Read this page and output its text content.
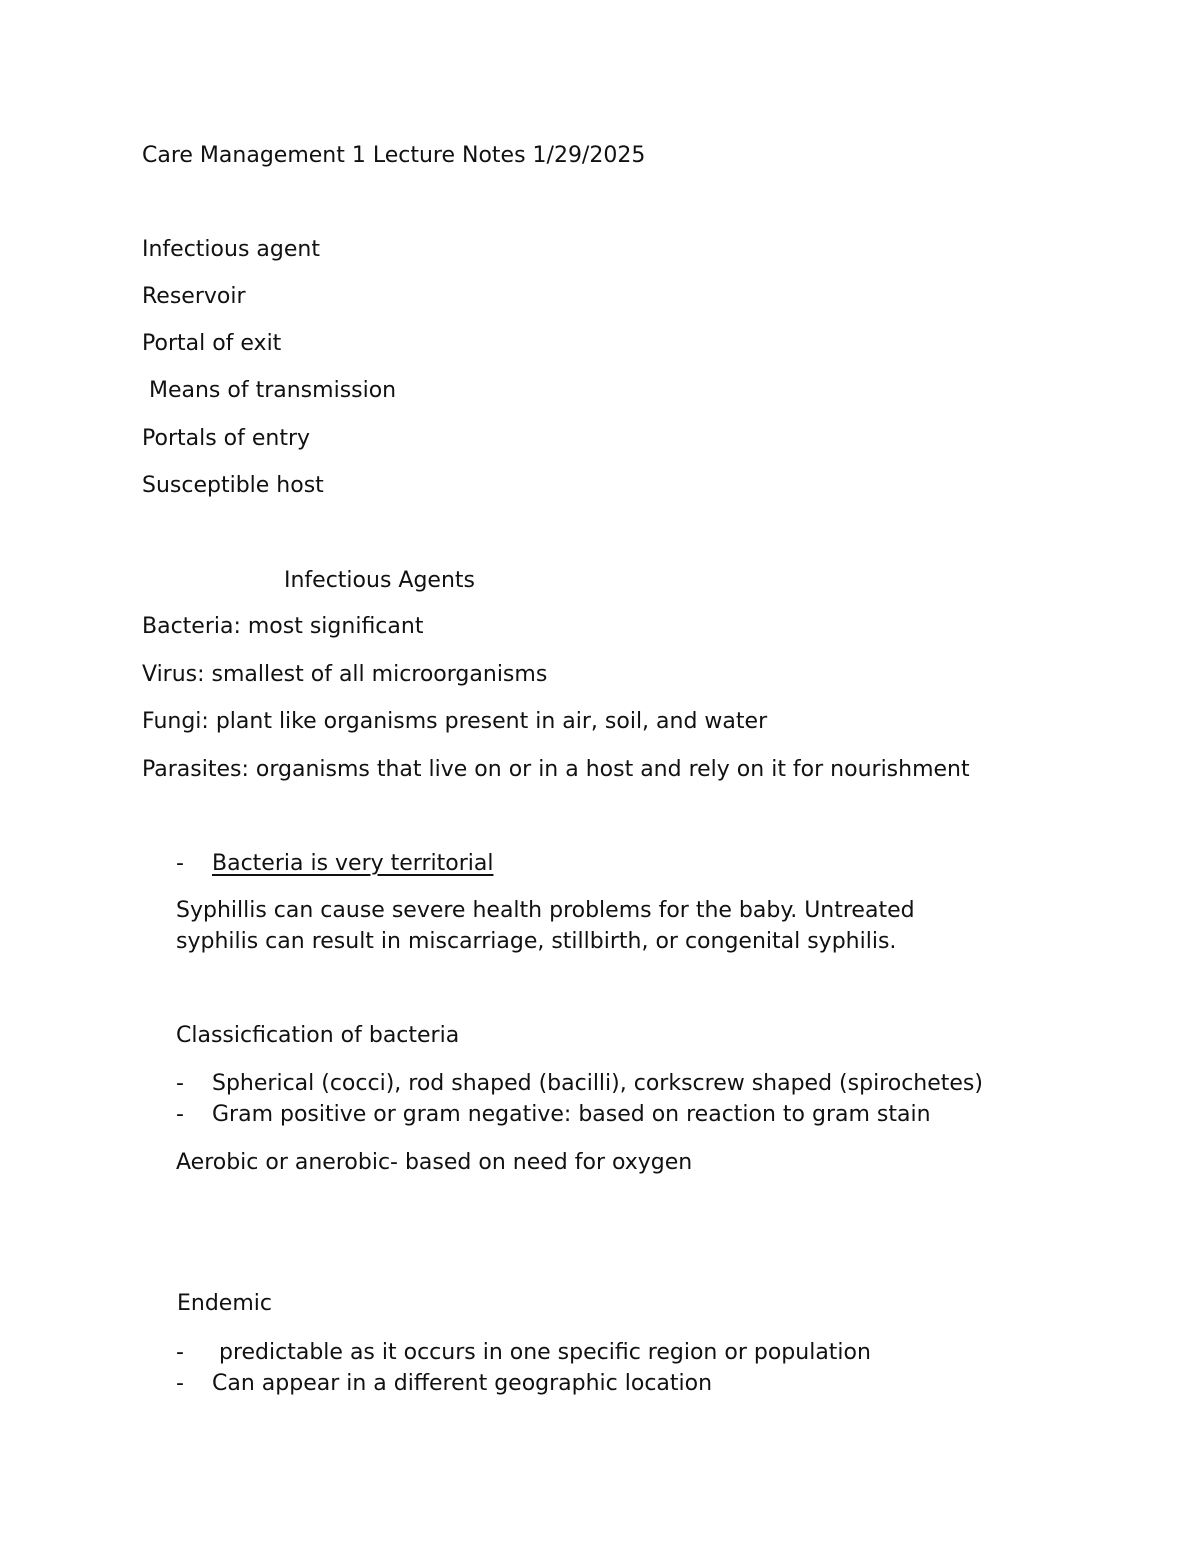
Care Management 1 Lecture Notes 1/29/2025

Infectious agent

Reservoir

Portal of exit

Means of transmission

Portals of entry

Susceptible host

Infectious Agents

Bacteria: most significant

Virus: smallest of all microorganisms

Fungi: plant like organisms present in air, soil, and water

Parasites: organisms that live on or in a host and rely on it for nourishment

- Bacteria is very territorial

Syphillis can cause severe health problems for the baby. Untreated

syphilis can result in miscarriage, stillbirth, or congenital syphilis.

Classicfication of bacteria

- Spherical (cocci), rod shaped (bacilli), corkscrew shaped (spirochetes)

- Gram positive or gram negative: based on reaction to gram stain

Aerobic or anerobic- based on need for oxygen

Endemic

- predictable as it occurs in one specific region or population

- Can appear in a different geographic location
